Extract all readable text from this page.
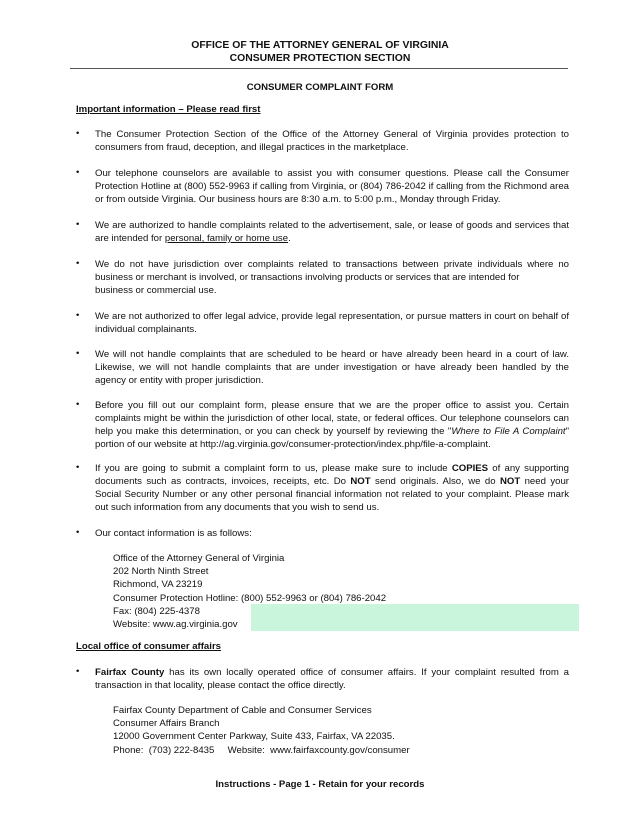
OFFICE OF THE ATTORNEY GENERAL OF VIRGINIA
CONSUMER PROTECTION SECTION
CONSUMER COMPLAINT FORM
Important information – Please read first
• The Consumer Protection Section of the Office of the Attorney General of Virginia provides protection to consumers from fraud, deception, and illegal practices in the marketplace.
• Our telephone counselors are available to assist you with consumer questions. Please call the Consumer Protection Hotline at (800) 552-9963 if calling from Virginia, or (804) 786-2042 if calling from the Richmond area or from outside Virginia. Our business hours are 8:30 a.m. to 5:00 p.m., Monday through Friday.
• We are authorized to handle complaints related to the advertisement, sale, or lease of goods and services that are intended for personal, family or home use.
• We do not have jurisdiction over complaints related to transactions between private individuals where no
business or merchant is involved, or transactions involving products or services that are intended for
business or commercial use.
• We are not authorized to offer legal advice, provide legal representation, or pursue matters in court on behalf of individual complainants.
• We will not handle complaints that are scheduled to be heard or have already been heard in a court of law. Likewise, we will not handle complaints that are under investigation or have already been handled by the agency or entity with proper jurisdiction.
• Before you fill out our complaint form, please ensure that we are the proper office to assist you. Certain complaints might be within the jurisdiction of other local, state, or federal offices. Our telephone counselors can help you make this determination, or you can check by yourself by reviewing the "Where to File A Complaint" portion of our website at http://ag.virginia.gov/consumer-protection/index.php/file-a-complaint.
• If you are going to submit a complaint form to us, please make sure to include COPIES of any supporting documents such as contracts, invoices, receipts, etc. Do NOT send originals. Also, we do NOT need your Social Security Number or any other personal financial information not related to your complaint. Please mark out such information from any documents that you wish to send us.
• Our contact information is as follows:
Office of the Attorney General of Virginia
202 North Ninth Street
Richmond, VA 23219
Consumer Protection Hotline: (800) 552-9963 or (804) 786-2042
Fax: (804) 225-4378
Website: www.ag.virginia.gov
Local office of consumer affairs
• Fairfax County has its own locally operated office of consumer affairs. If your complaint resulted from a transaction in that locality, please contact the office directly.
Fairfax County Department of Cable and Consumer Services
Consumer Affairs Branch
12000 Government Center Parkway, Suite 433, Fairfax, VA 22035.
Phone:  (703) 222-8435     Website:  www.fairfaxcounty.gov/consumer
Instructions - Page 1 - Retain for your records
